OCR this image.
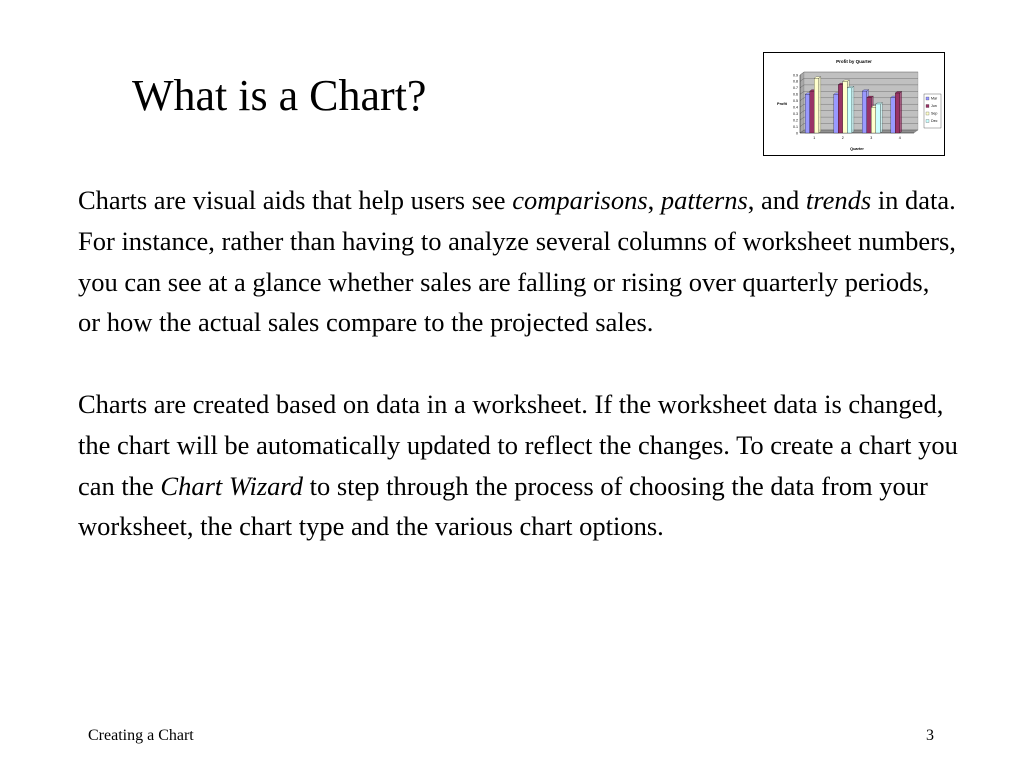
What is a Chart?
Profit by Quarter
0
0.1
0.2
0.3
0.4
0.5
0.6
0.7
0.8
0.9
Profit
1	2	3	4
Quarter
Mar
Jun
Sep
Dec

Charts are visual aids that help users see comparisons, patterns, and trends in data. For instance, rather than having to analyze several columns of worksheet numbers, you can see at a glance whether sales are falling or rising over quarterly periods, or how the actual sales compare to the projected sales.

Charts are created based on data in a worksheet. If the worksheet data is changed, the chart will be automatically updated to reflect the changes. To create a chart you can the Chart Wizard to step through the process of choosing the data from your worksheet, the chart type and the various chart options.

Creating a Chart	3
